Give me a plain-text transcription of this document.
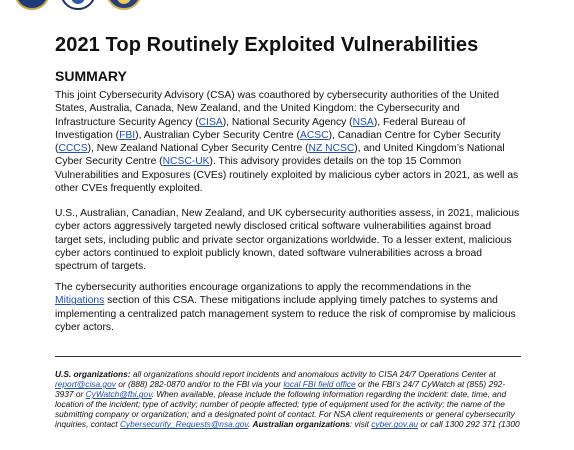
2021 Top Routinely Exploited Vulnerabilities
SUMMARY

This joint Cybersecurity Advisory (CSA) was coauthored by cybersecurity authorities of the United States, Australia, Canada, New Zealand, and the United Kingdom: the Cybersecurity and Infrastructure Security Agency (CISA), National Security Agency (NSA), Federal Bureau of Investigation (FBI), Australian Cyber Security Centre (ACSC), Canadian Centre for Cyber Security (CCCS), New Zealand National Cyber Security Centre (NZ NCSC), and United Kingdom’s National Cyber Security Centre (NCSC-UK). This advisory provides details on the top 15 Common Vulnerabilities and Exposures (CVEs) routinely exploited by malicious cyber actors in 2021, as well as other CVEs frequently exploited.

U.S., Australian, Canadian, New Zealand, and UK cybersecurity authorities assess, in 2021, malicious cyber actors aggressively targeted newly disclosed critical software vulnerabilities against broad target sets, including public and private sector organizations worldwide. To a lesser extent, malicious cyber actors continued to exploit publicly known, dated software vulnerabilities across a broad spectrum of targets.

The cybersecurity authorities encourage organizations to apply the recommendations in the Mitigations section of this CSA. These mitigations include applying timely patches to systems and implementing a centralized patch management system to reduce the risk of compromise by malicious cyber actors.

U.S. organizations: all organizations should report incidents and anomalous activity to CISA 24/7 Operations Center at report@cisa.gov or (888) 282-0870 and/or to the FBI via your local FBI field office or the FBI’s 24/7 CyWatch at (855) 292-3937 or CyWatch@fbi.gov. When available, please include the following information regarding the incident: date, time, and location of the incident; type of activity; number of people affected; type of equipment used for the activity; the name of the submitting company or organization; and a designated point of contact. For NSA client requirements or general cybersecurity inquiries, contact Cybersecurity_Requests@nsa.gov. Australian organizations: visit cyber.gov.au or call 1300 292 371 (1300
